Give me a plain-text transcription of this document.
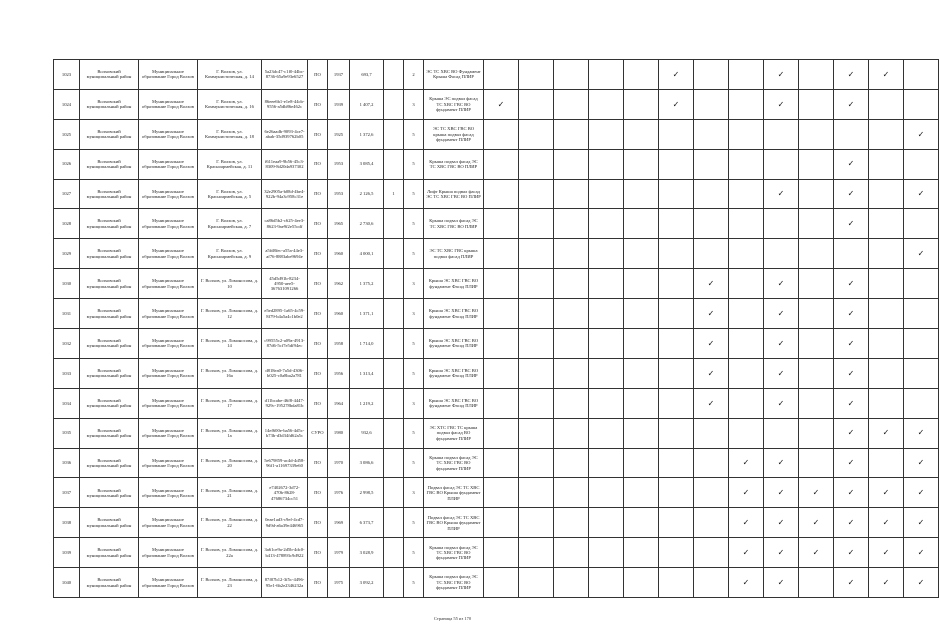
1023	Волховский муниципальный район	Муниципальное образование Город Волхов	Г. Волхов, ул. Коммунистическая, д. 14	5a23dc47-c1f0-44bc-8736-65a9e93e6527	ПО	1937	693,7		2	ЭС ТС ХВС ВО Фундамент Крыша Фасад ПЛИР						✓			✓		✓	✓	
1024	Волховский муниципальный район	Муниципальное образование Город Волхов	Г. Волхов, ул. Коммунистическая, д. 16	86eee6b1-e1e8-44cb-9556-a5db86e462c	ПО	1939	1 407,2		3	Крыша ЭС подвал фасад ТС ХВС ГВС ВО фундамент ПЛИР	✓					✓			✓		✓		
1025	Волховский муниципальный район	Муниципальное образование Город Волхов	Г. Волхов, ул. Коммунистическая, д. 18	6e26aadb-9093-4ce7-abab-35d939762b05	ПО	1925	1 372,6		5	ЭС ТС ХВС ГВС ВО крыша подвал фасад фундамент ПЛИР													✓
1026	Волховский муниципальный район	Муниципальное образование Город Волхов	Г. Волхов, ул. Красноармейская, д. 11	f611eaa9-9b56-45c3-8309-8d20da937302	ПО	1953	3 085,4		5	Крыша подвал фасад ЭС ТС ХВС ГВС ВО ПЛИР											✓		
1027	Волховский муниципальный район	Муниципальное образование Город Волхов	Г. Волхов, ул. Красноармейская, д. 5	32e2905a-b08d-4be4-922b-94a3c958c31e	ПО	1953	2 126,5	1	5	Лифт Крыша подвал фасад ЭС ТС ХВС ГВС ВО ПЛИР									✓		✓		✓
1028	Волховский муниципальный район	Муниципальное образование Город Волхов	Г. Волхов, ул. Красноармейская, д. 7	ca86d5b2-c625-4ee3-8623-9ae9f2e55cdf	ПО	1965	2 730,6		5	Крыша подвал фасад ЭС ТС ХВС ГВС ВО ПЛИР											✓		
1029	Волховский муниципальный район	Муниципальное образование Город Волхов	Г. Волхов, ул. Красноармейская, д. 9	a5fd8fec-a55a-44e3-af76-8883abe9694e	ПО	1960	4 000,1		5	ЭС ТС ХВС ГВС крыша подвал фасад ПЛИР													✓
1030	Волховский муниципальный район	Муниципальное образование Город Волхов	Г. Волхов, ул. Ломоносова, д. 10	45d5d91b-8234-4950-aee5-367631091266	ПО	1962	1 375,2		3	Крыша ЭС ХВС ГВС ВО фундамент Фасад ПЛИР							✓		✓		✓		
1031	Волховский муниципальный район	Муниципальное образование Город Волхов	Г. Волхов, ул. Ломоносова, д. 12	e5ed2895-1a65-4c59-8f79-b4a5a4c1b0e2	ПО	1960	1 371,1		3	Крыша ЭС ХВС ГВС ВО фундамент Фасад ПЛИР							✓		✓		✓		
1032	Волховский муниципальный район	Муниципальное образование Город Волхов	Г. Волхов, ул. Ломоносова, д. 14	c99555c2-a09a-4913-87d6-5cf7e5df94ec	ПО	1958	1 714,0		5	Крыша ЭС ХВС ГВС ВО фундамент Фасад ПЛИР							✓		✓		✓		
1033	Волховский муниципальный район	Муниципальное образование Город Волхов	Г. Волхов, ул. Ломоносова, д. 16a	d818ea0-7a5d-4306-b025-c0a8ba2a781	ПО	1956	1 313,4		5	Крыша ЭС ХВС ГВС ВО фундамент Фасад ПЛИР							✓		✓		✓		
1034	Волховский муниципальный район	Муниципальное образование Город Волхов	Г. Волхов, ул. Ломоносова, д. 17	d11bcabe-46f8-4447-929c-195278bda81b	ПО	1964	1 219,2		3	Крыша ЭС ХВС ГВС ВО фундамент Фасад ПЛИР							✓		✓		✓		
1035	Волховский муниципальный район	Муниципальное образование Город Волхов	Г. Волхов, ул. Ломоносова, д. 1a	14ef600e-ba56-4d5c-b73b-d3d34fd62a5c	СУРО	1980	932,6		5	ЭС ХТС ГВС ТС крыша подвал фасад ВО фундамент ПЛИР											✓	✓	✓
1036	Волховский муниципальный район	Муниципальное образование Город Волхов	Г. Волхов, ул. Ломоносова, д. 20	5e679859-ac4d-4d58-96f1-a11697339e60	ПО	1970	3 086,6		5	Крыша подвал фасад ЭС ТС ХВС ГВС ВО фундамент ПЛИР								✓	✓		✓		✓
1037	Волховский муниципальный район	Муниципальное образование Город Волхов	Г. Волхов, ул. Ломоносова, д. 21	e7402672-3d72-470b-8628-47686734cc51	ПО	1976	2 998,5		3	Подвал фасад ЭС ТС ХВС ГВС ВО Крыша фундамент ПЛИР								✓	✓	✓	✓	✓	✓
1038	Волховский муниципальный район	Муниципальное образование Город Волхов	Г. Волхов, ул. Ломоносова, д. 22	0eae1ad3-c9ef-4cd7-9d9d-a6a39e446965	ПО	1969	6 373,7		5	Подвал фасад ЭС ТС ХВС ГВС ВО Крыша фундамент ПЛИР								✓	✓	✓	✓	✓	✓
1039	Волховский муниципальный район	Муниципальное образование Город Волхов	Г. Волхов, ул. Ломоносова, д. 22a	3a61ce9a-2d5b-4dc0-b413-478893c9d922	ПО	1979	3 028,9		5	Крыша подвал фасад ЭС ТС ХВС ГВС ВО фундамент ПЛИР								✓	✓	✓	✓	✓	✓
1040	Волховский муниципальный район	Муниципальное образование Город Волхов	Г. Волхов, ул. Ломоносова, д. 23	87f07b12-3f5c-4496-95e1-6b2e2346232a	ПО	1975	3 092,2		5	Крыша подвал фасад ЭС ТС ХВС ГВС ВО фундамент ПЛИР								✓	✓		✓	✓	✓
Страница 55 из 170
